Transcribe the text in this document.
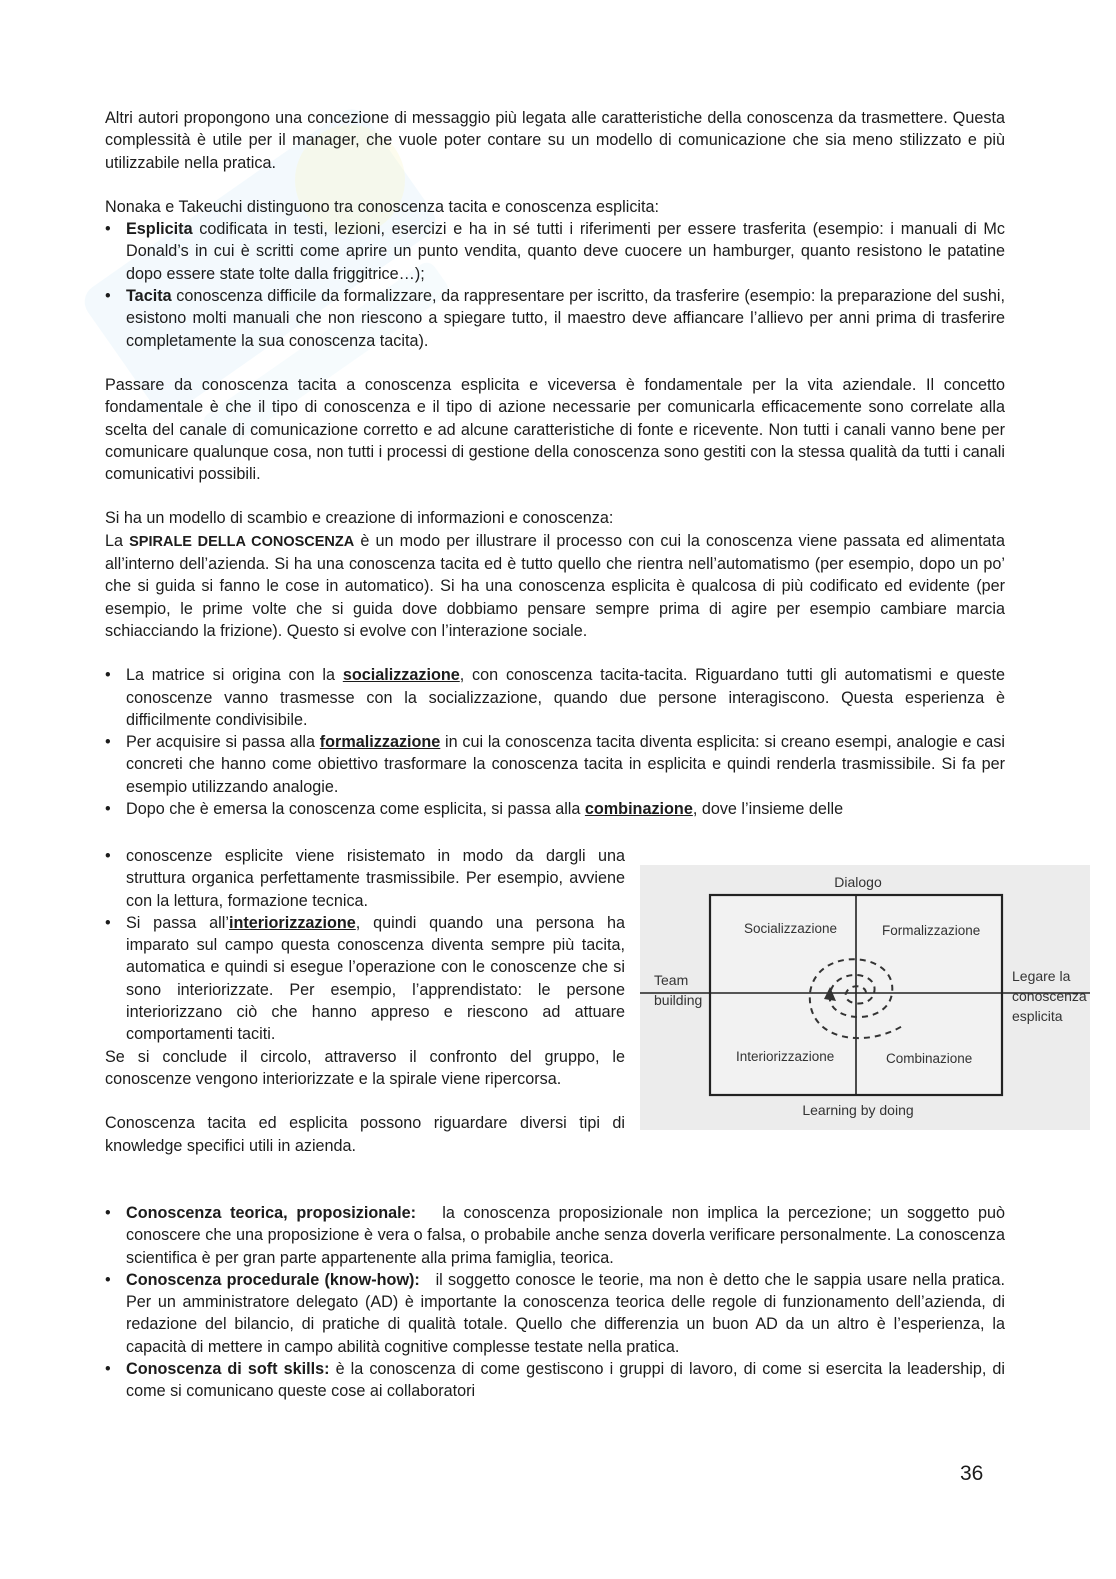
Altri autori propongono una concezione di messaggio più legata alle caratteristiche della conoscenza da trasmettere. Questa complessità è utile per il manager, che vuole poter contare su un modello di comunicazione che sia meno stilizzato e più utilizzabile nella pratica.

Nonaka e Takeuchi distinguono tra conoscenza tacita e conoscenza esplicita:

• Esplicita codificata in testi, lezioni, esercizi e ha in sé tutti i riferimenti per essere trasferita (esempio: i manuali di Mc Donald’s in cui è scritti come aprire un punto vendita, quanto deve cuocere un hamburger, quanto resistono le patatine dopo essere state tolte dalla friggitrice…);
• Tacita conoscenza difficile da formalizzare, da rappresentare per iscritto, da trasferire (esempio: la preparazione del sushi, esistono molti manuali che non riescono a spiegare tutto, il maestro deve affiancare l’allievo per anni prima di trasferire completamente la sua conoscenza tacita).

Passare da conoscenza tacita a conoscenza esplicita e viceversa è fondamentale per la vita aziendale. Il concetto fondamentale è che il tipo di conoscenza e il tipo di azione necessarie per comunicarla efficacemente sono correlate alla scelta del canale di comunicazione corretto e ad alcune caratteristiche di fonte e ricevente. Non tutti i canali vanno bene per comunicare qualunque cosa, non tutti i processi di gestione della conoscenza sono gestiti con la stessa qualità da tutti i canali comunicativi possibili.

Si ha un modello di scambio e creazione di informazioni e conoscenza:

La SPIRALE DELLA CONOSCENZA è un modo per illustrare il processo con cui la conoscenza viene passata ed alimentata all’interno dell’azienda. Si ha una conoscenza tacita ed è tutto quello che rientra nell’automatismo (per esempio, dopo un po’ che si guida si fanno le cose in automatico). Si ha una conoscenza esplicita è qualcosa di più codificato ed evidente (per esempio, le prime volte che si guida dove dobbiamo pensare sempre prima di agire per esempio cambiare marcia schiacciando la frizione). Questo si evolve con l’interazione sociale.

• La matrice si origina con la socializzazione, con conoscenza tacita-tacita. Riguardano tutti gli automatismi e queste conoscenze vanno trasmesse con la socializzazione, quando due persone interagiscono. Questa esperienza è difficilmente condivisibile.
• Per acquisire si passa alla formalizzazione in cui la conoscenza tacita diventa esplicita: si creano esempi, analogie e casi concreti che hanno come obiettivo trasformare la conoscenza tacita in esplicita e quindi renderla trasmissibile. Si fa per esempio utilizzando analogie.
• Dopo che è emersa la conoscenza come esplicita, si passa alla combinazione, dove l’insieme delle
• conoscenze esplicite viene risistemato in modo da dargli una struttura organica perfettamente trasmissibile. Per esempio, avviene con la lettura, formazione tecnica.
• Si passa all’interiorizzazione, quindi quando una persona ha imparato sul campo questa conoscenza diventa sempre più tacita, automatica e quindi si esegue l’operazione con le conoscenze che si sono interiorizzate. Per esempio, l’apprendistato: le persone interiorizzano ciò che hanno appreso e riescono ad attuare comportamenti taciti.

Se si conclude il circolo, attraverso il confronto del gruppo, le conoscenze vengono interiorizzate e la spirale viene ripercorsa.

Conoscenza tacita ed esplicita possono riguardare diversi tipi di knowledge specifici utili in azienda.

Dialogo
Learning by doing
Team
building
Legare la
conoscenza
esplicita
Socializzazione	Formalizzazione
Interiorizzazione	Combinazione
• Conoscenza teorica, proposizionale:   la conoscenza proposizionale non implica la percezione; un soggetto può conoscere che una proposizione è vera o falsa, o probabile anche senza doverla verificare personalmente. La conoscenza scientifica è per gran parte appartenente alla prima famiglia, teorica.
• Conoscenza procedurale (know-how):   il soggetto conosce le teorie, ma non è detto che le sappia usare nella pratica. Per un amministratore delegato (AD) è importante la conoscenza teorica delle regole di funzionamento dell’azienda, di redazione del bilancio, di pratiche di qualità totale. Quello che differenzia un buon AD da un altro è l’esperienza, la capacità di mettere in campo abilità cognitive complesse testate nella pratica.
• Conoscenza di soft skills: è la conoscenza di come gestiscono i gruppi di lavoro, di come si esercita la leadership, di come si comunicano queste cose ai collaboratori
36
